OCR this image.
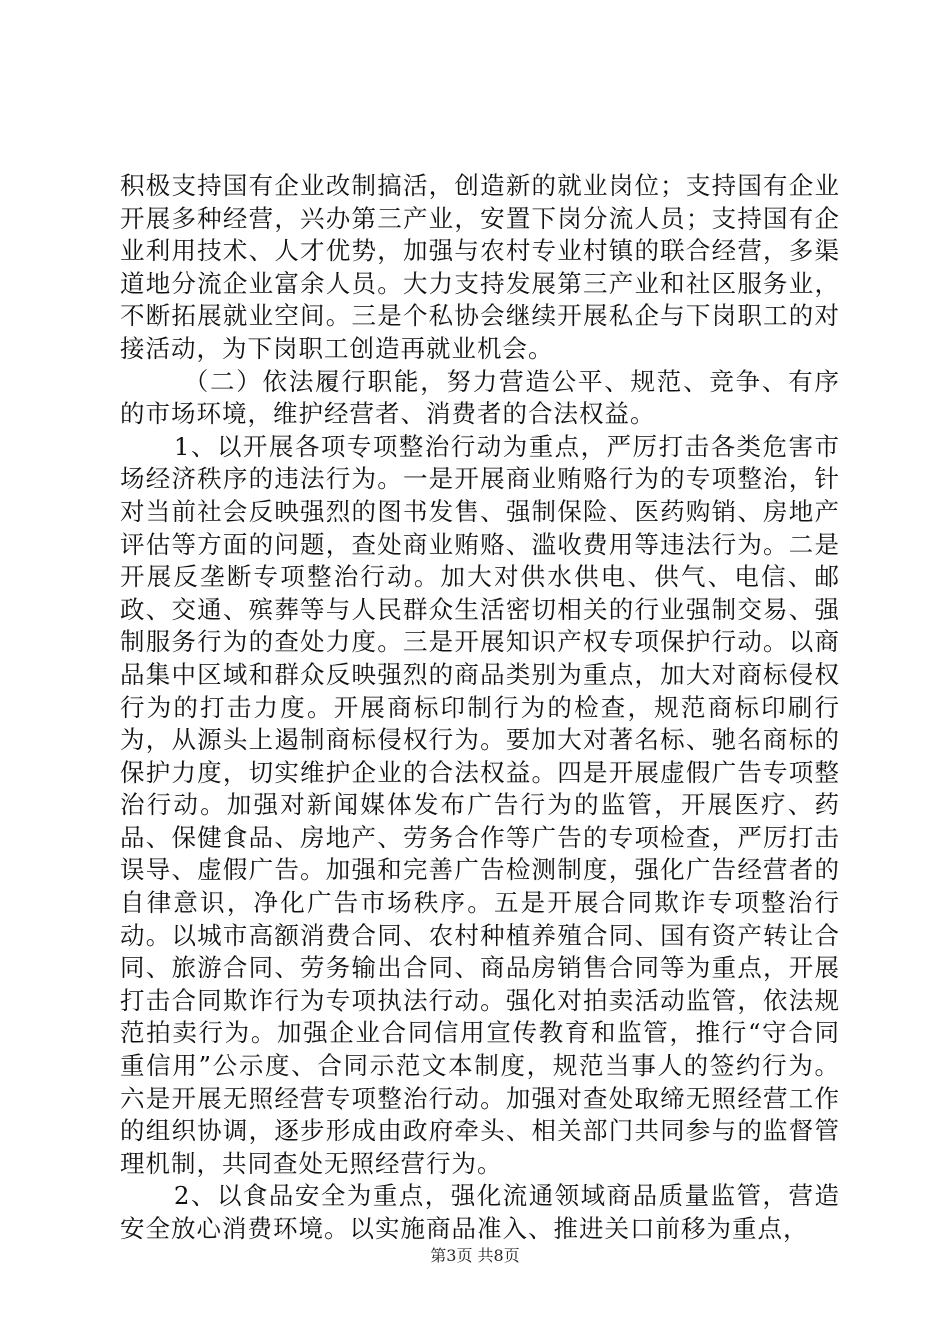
积极支持国有企业改制搞活，创造新的就业岗位；支持国有企业开展多种经营，兴办第三产业，安置下岗分流人员；支持国有企业利用技术、人才优势，加强与农村专业村镇的联合经营，多渠道地分流企业富余人员。大力支持发展第三产业和社区服务业，不断拓展就业空间。三是个私协会继续开展私企与下岗职工的对接活动，为下岗职工创造再就业机会。

（二）依法履行职能，努力营造公平、规范、竞争、有序的市场环境，维护经营者、消费者的合法权益。

1、以开展各项专项整治行动为重点，严厉打击各类危害市场经济秩序的违法行为。一是开展商业贿赂行为的专项整治，针对当前社会反映强烈的图书发售、强制保险、医药购销、房地产评估等方面的问题，查处商业贿赂、滥收费用等违法行为。二是开展反垄断专项整治行动。加大对供水供电、供气、电信、邮政、交通、殡葬等与人民群众生活密切相关的行业强制交易、强制服务行为的查处力度。三是开展知识产权专项保护行动。以商品集中区域和群众反映强烈的商品类别为重点，加大对商标侵权行为的打击力度。开展商标印制行为的检查，规范商标印刷行为，从源头上遏制商标侵权行为。要加大对著名标、驰名商标的保护力度，切实维护企业的合法权益。四是开展虚假广告专项整治行动。加强对新闻媒体发布广告行为的监管，开展医疗、药品、保健食品、房地产、劳务合作等广告的专项检查，严厉打击误导、虚假广告。加强和完善广告检测制度，强化广告经营者的自律意识，净化广告市场秩序。五是开展合同欺诈专项整治行动。以城市高额消费合同、农村种植养殖合同、国有资产转让合同、旅游合同、劳务输出合同、商品房销售合同等为重点，开展打击合同欺诈行为专项执法行动。强化对拍卖活动监管，依法规范拍卖行为。加强企业合同信用宣传教育和监管，推行“守合同重信用”公示度、合同示范文本制度，规范当事人的签约行为。六是开展无照经营专项整治行动。加强对查处取缔无照经营工作的组织协调，逐步形成由政府牵头、相关部门共同参与的监督管理机制，共同查处无照经营行为。

2、以食品安全为重点，强化流通领域商品质量监管，营造安全放心消费环境。以实施商品准入、推进关口前移为重点，

第3页 共8页
